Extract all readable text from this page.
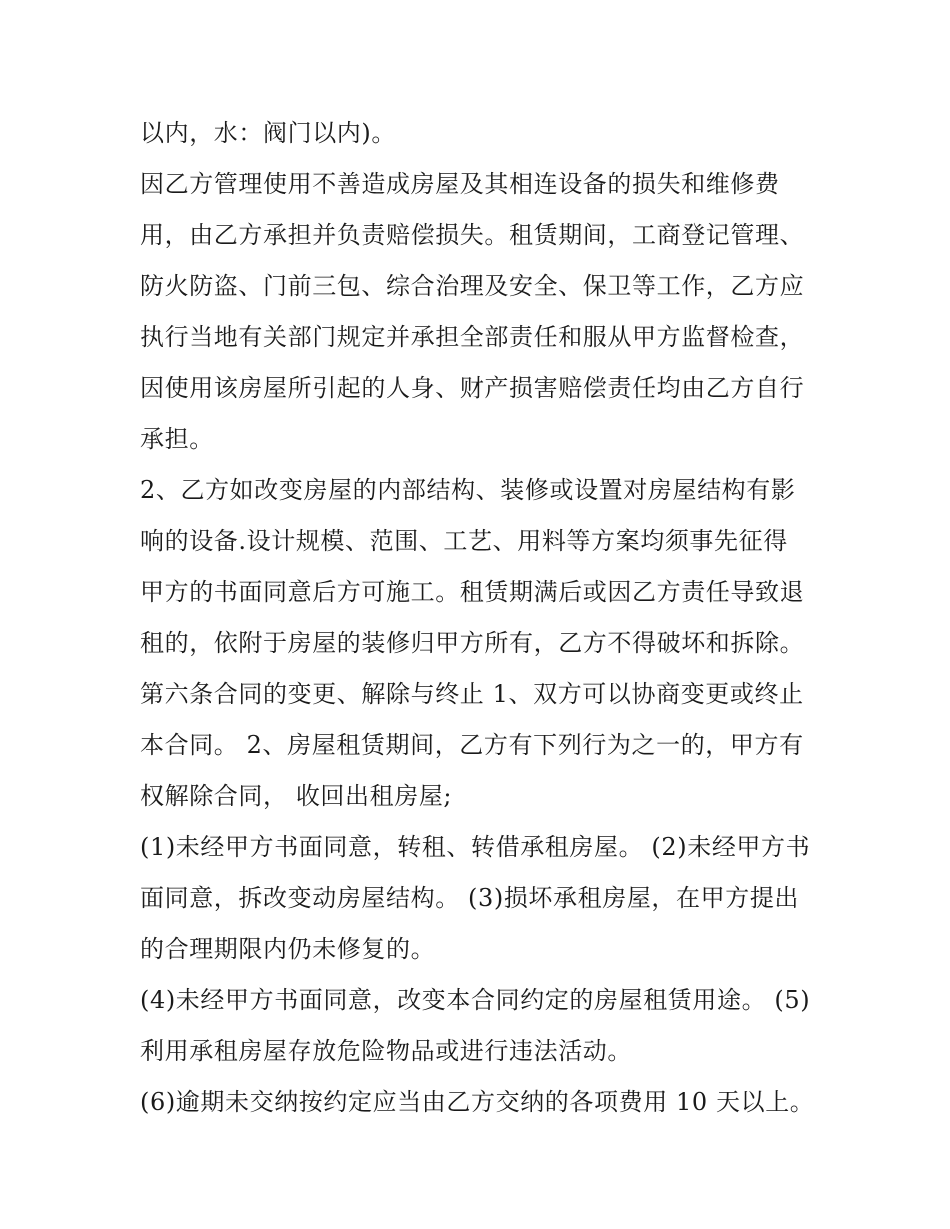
以内，水：阀门以内)。
因乙方管理使用不善造成房屋及其相连设备的损失和维修费
用，由乙方承担并负责赔偿损失。租赁期间，工商登记管理、
防火防盗、门前三包、综合治理及安全、保卫等工作，乙方应
执行当地有关部门规定并承担全部责任和服从甲方监督检查，
因使用该房屋所引起的人身、财产损害赔偿责任均由乙方自行
承担。
2、乙方如改变房屋的内部结构、装修或设置对房屋结构有影
响的设备.设计规模、范围、工艺、用料等方案均须事先征得
甲方的书面同意后方可施工。租赁期满后或因乙方责任导致退
租的，依附于房屋的装修归甲方所有，乙方不得破坏和拆除。
第六条合同的变更、解除与终止 1、双方可以协商变更或终止
本合同。 2、房屋租赁期间，乙方有下列行为之一的，甲方有
权解除合同， 收回出租房屋;
(1)未经甲方书面同意，转租、转借承租房屋。 (2)未经甲方书
面同意，拆改变动房屋结构。 (3)损坏承租房屋，在甲方提出
的合理期限内仍未修复的。
(4)未经甲方书面同意，改变本合同约定的房屋租赁用途。 (5)
利用承租房屋存放危险物品或进行违法活动。
(6)逾期未交纳按约定应当由乙方交纳的各项费用 10 天以上。
